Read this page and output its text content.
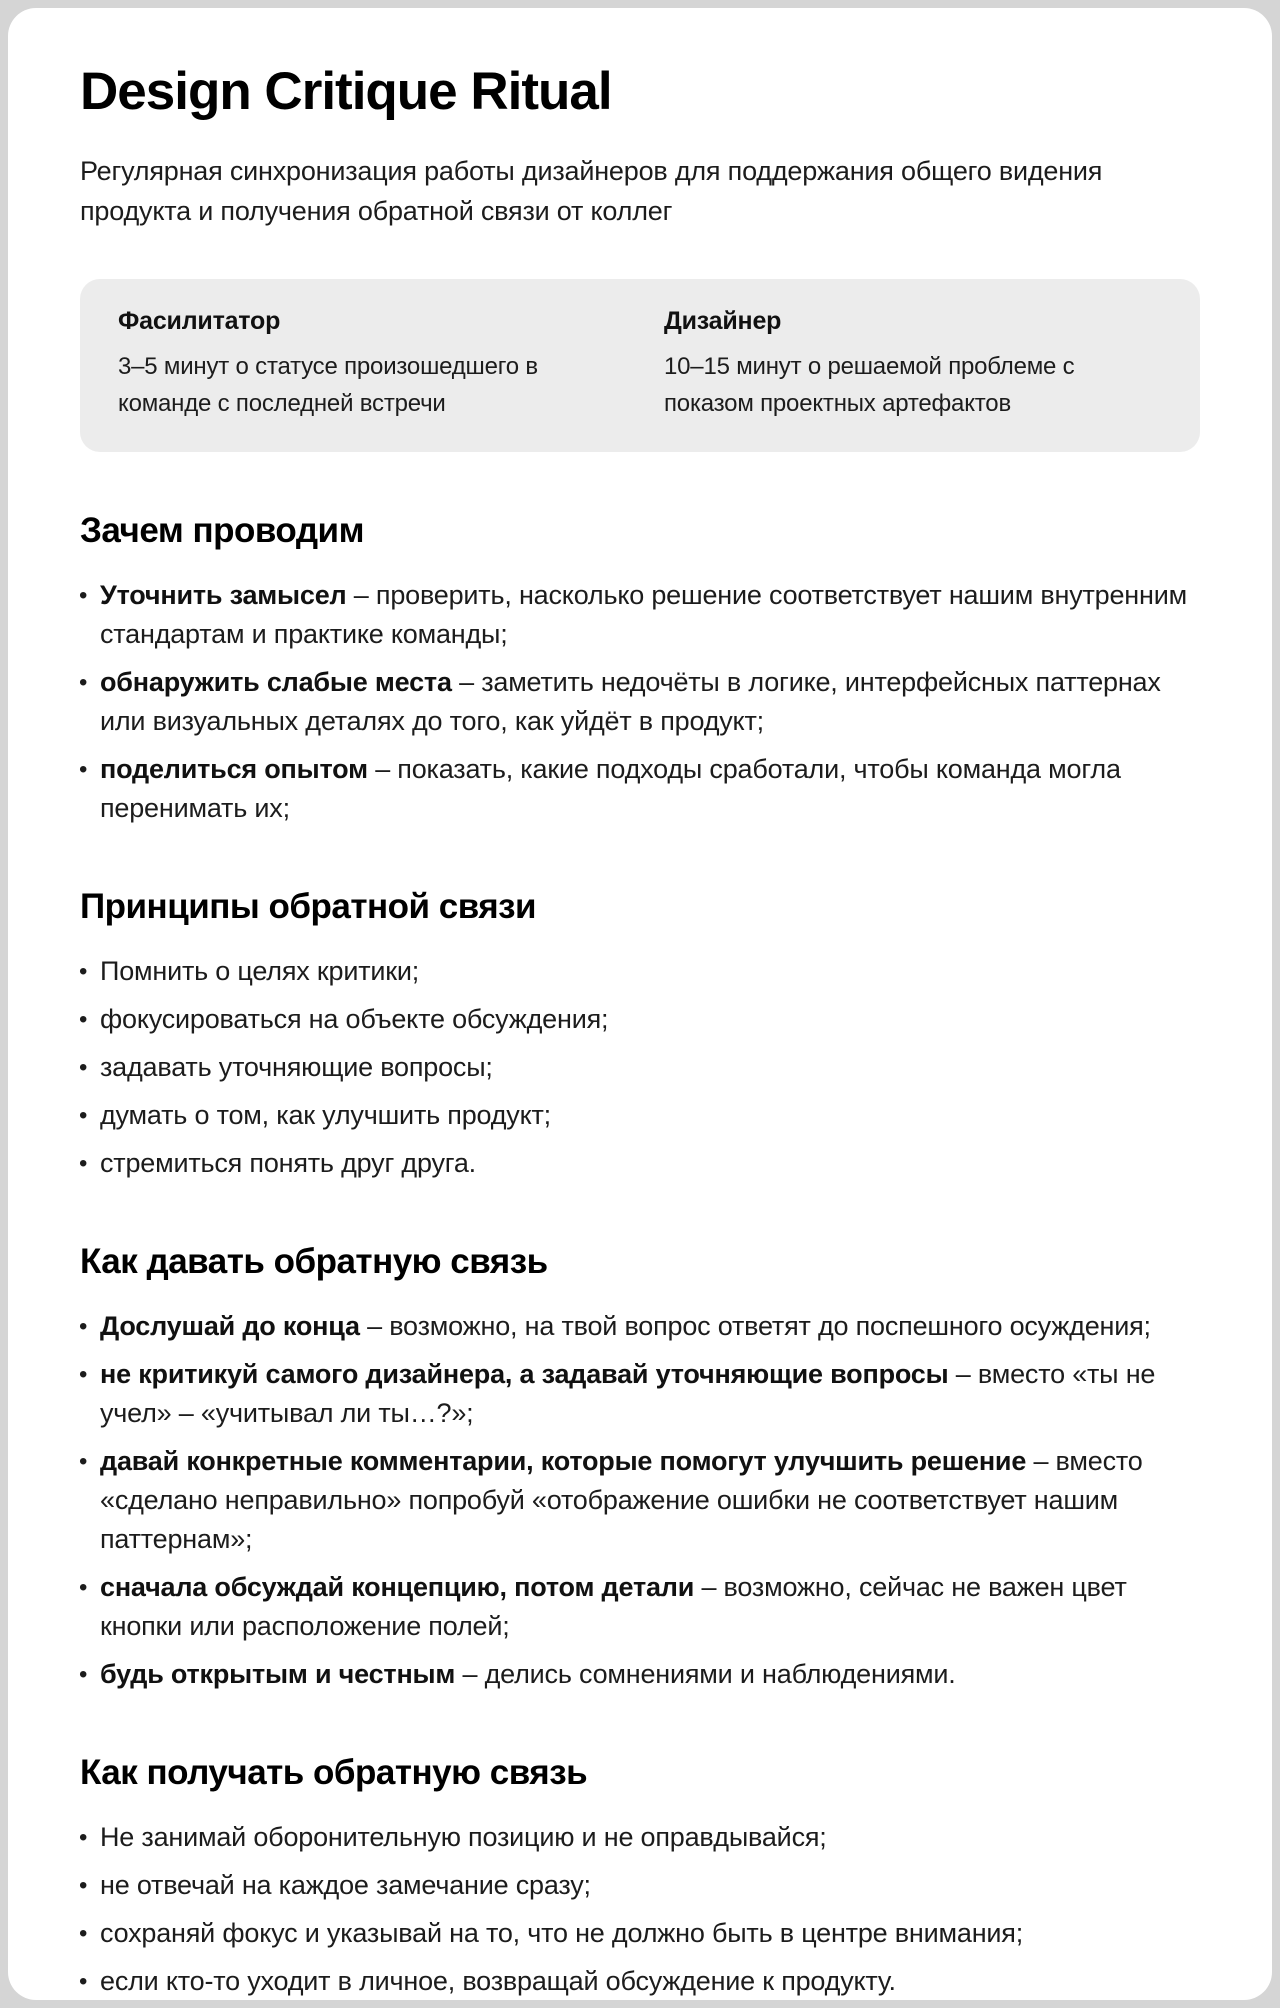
Design Critique Ritual

Регулярная синхронизация работы дизайнеров для поддержания общего видения продукта и получения обратной связи от коллег

Фасилитатор

3–5 минут о статусе произошедшего в команде с последней встречи

Дизайнер

10–15 минут о решаемой проблеме с показом проектных артефактов

Зачем проводим
• Уточнить замысел – проверить, насколько решение соответствует нашим внутренним стандартам и практике команды;
• обнаружить слабые места – заметить недочёты в логике, интерфейсных паттернах или визуальных деталях до того, как уйдёт в продукт;
• поделиться опытом – показать, какие подходы сработали, чтобы команда могла перенимать их;
Принципы обратной связи
• Помнить о целях критики;
• фокусироваться на объекте обсуждения;
• задавать уточняющие вопросы;
• думать о том, как улучшить продукт;
• стремиться понять друг друга.
Как давать обратную связь
• Дослушай до конца – возможно, на твой вопрос ответят до поспешного осуждения;
• не критикуй самого дизайнера, а задавай уточняющие вопросы – вместо «ты не учел» – «учитывал ли ты…?»;
• давай конкретные комментарии, которые помогут улучшить решение – вместо «сделано неправильно» попробуй «отображение ошибки не соответствует нашим паттернам»;
• сначала обсуждай концепцию, потом детали – возможно, сейчас не важен цвет кнопки или расположение полей;
• будь открытым и честным – делись сомнениями и наблюдениями.
Как получать обратную связь
• Не занимай оборонительную позицию и не оправдывайся;
• не отвечай на каждое замечание сразу;
• сохраняй фокус и указывай на то, что не должно быть в центре внимания;
• если кто-то уходит в личное, возвращай обсуждение к продукту.
